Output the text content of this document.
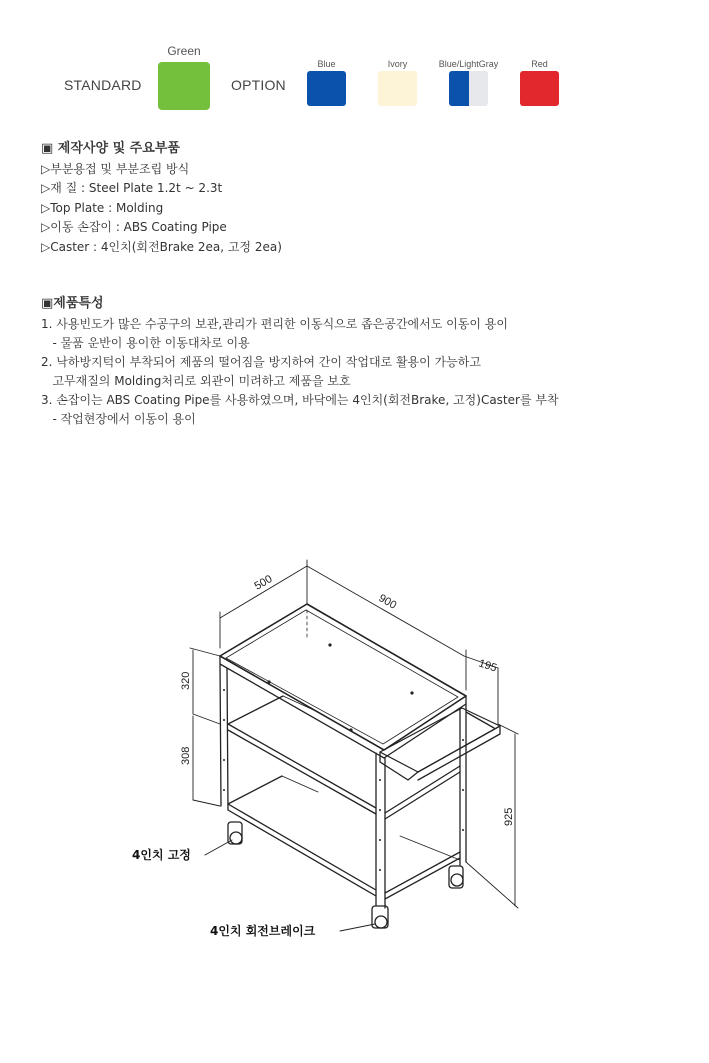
STANDARD
Green
OPTION
Blue	Ivory	Blue/LightGray	Red
▣ 제작사양 및 주요부품
▷부분용접 및 부분조립 방식
▷재 질 : Steel Plate 1.2t ~ 2.3t
▷Top Plate : Molding
▷이동 손잡이 : ABS Coating Pipe
▷Caster : 4인치(회전Brake 2ea, 고정 2ea)
▣제품특성
1. 사용빈도가 많은 수공구의 보관,관리가 편리한 이동식으로 좁은공간에서도 이동이 용이
- 물품 운반이 용이한 이동대차로 이용
2. 낙하방지턱이 부착되어 제품의 떨어짐을 방지하여 간이 작업대로 활용이 가능하고
고무재질의 Molding처리로 외관이 미려하고 제품을 보호
3. 손잡이는 ABS Coating Pipe를 사용하였으며, 바닥에는 4인치(회전Brake, 고정)Caster를 부착
- 작업현장에서 이동이 용이
500
900
195
925
320
308
4인치 고정
4인치 회전브레이크
